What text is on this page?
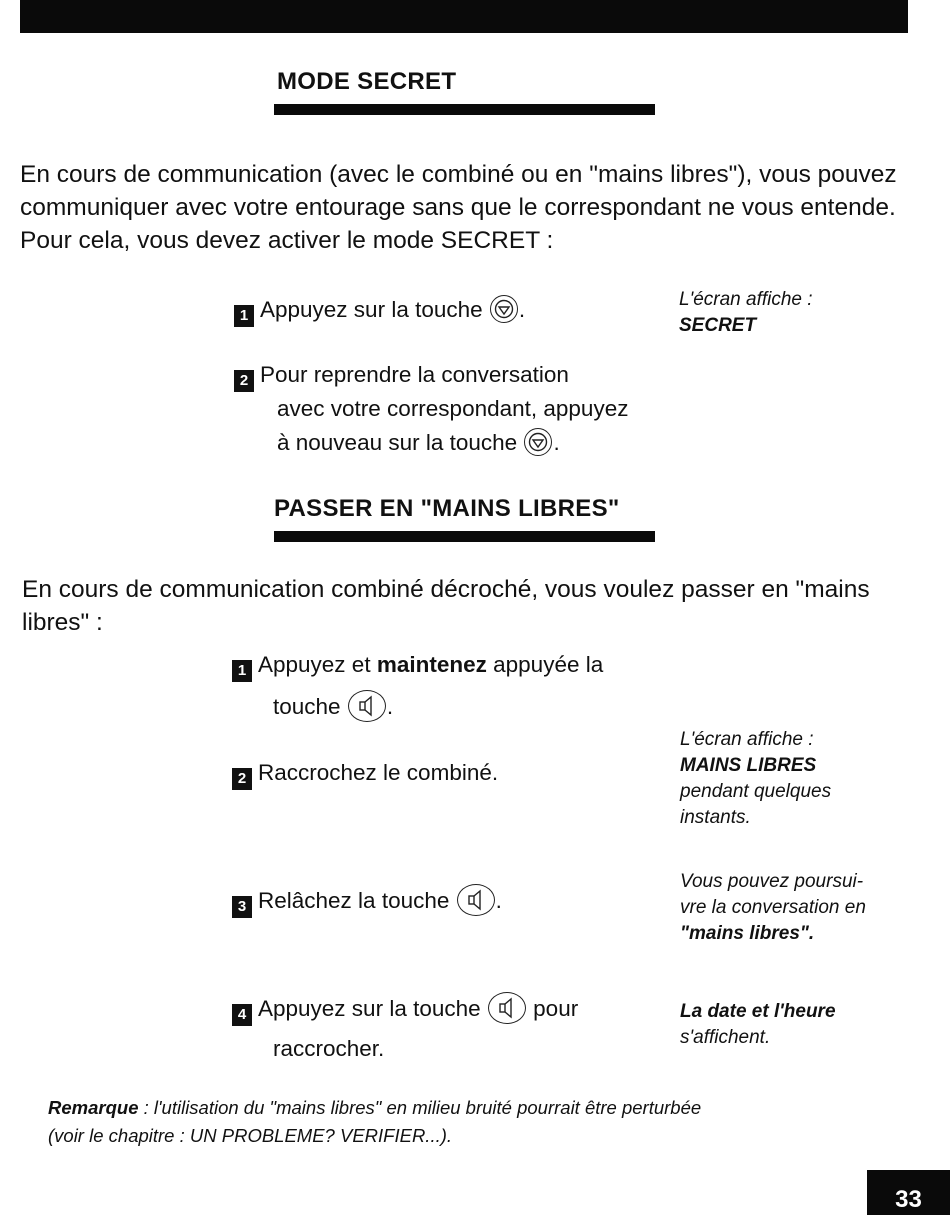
MODE SECRET
En cours de communication (avec le combiné ou en "mains libres"), vous pouvez communiquer avec votre entourage sans que le correspondant ne vous entende. Pour cela, vous devez activer le mode SECRET :
1 Appuyez sur la touche .
2 Pour reprendre la conversation
avec votre correspondant, appuyez
à nouveau sur la touche .
L'écran affiche :
SECRET
PASSER EN "MAINS LIBRES"
En cours de communication combiné décroché, vous voulez passer en "mains libres" :
1 Appuyez et maintenez appuyée la
touche .
2 Raccrochez le combiné.
3 Relâchez la touche .
4 Appuyez sur la touche pour
raccrocher.
L'écran affiche :
MAINS LIBRES
pendant quelques
instants.
Vous pouvez poursui-
vre la conversation en
"mains libres".
La date et l'heure
s'affichent.
Remarque : l'utilisation du "mains libres" en milieu bruité pourrait être perturbée
(voir le chapitre : UN PROBLEME? VERIFIER...).
33
